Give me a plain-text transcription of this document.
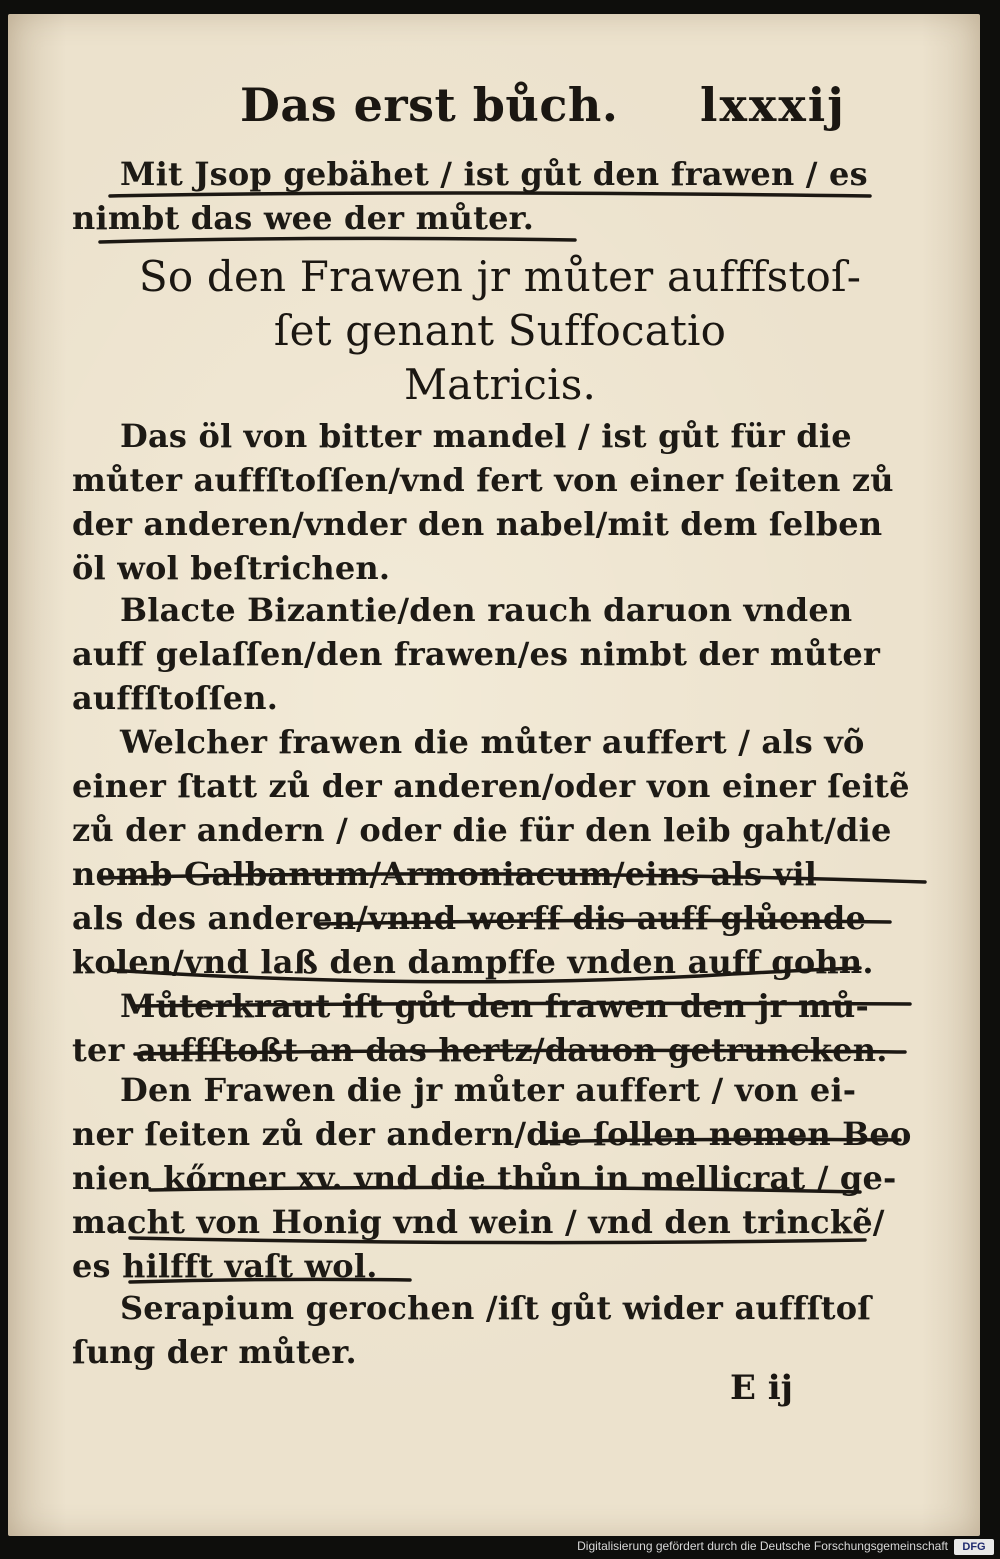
Das erst bůch. lxxxij
Mit Jsop gebähet / ist gůt den frawen / es
nimbt das wee der můter.
So den Frawen jr můter aufffstoſ-
ſet genant Suffocatio
Matricis.
Das öl von bitter mandel / ist gůt für die
můter auffſtoſſen/vnd fert von einer ſeiten zů
der anderen/vnder den nabel/mit dem ſelben
öl wol beſtrichen.
Blacte Bizantie/den rauch daruon vnden
auff gelaſſen/den frawen/es nimbt der můter
auffſtoſſen.
Welcher frawen die můter auffert / als võ
einer ſtatt zů der anderen/oder von einer ſeitẽ
zů der andern / oder die für den leib gaht/die
nemb Galbanum/Armoniacum/eins als vil
als des anderen/vnnd werff dis auff glůende
kolen/vnd laß den dampffe vnden auff gohn.
Můterkraut iſt gůt den frawen den jr mů-
ter auffſtoßt an das hertz/dauon getruncken.
Den Frawen die jr můter auffert / von ei-
ner ſeiten zů der andern/die ſollen nemen Beo
nien kőrner xv. vnd die thůn in mellicrat / ge-
macht von Honig vnd wein / vnd den trinckẽ/
es hilfft vaſt wol.
Serapium gerochen /iſt gůt wider auffſtoſ
ſung der můter.
E ij
Digitalisierung gefördert durch die Deutsche Forschungsgemeinschaft	DFG
